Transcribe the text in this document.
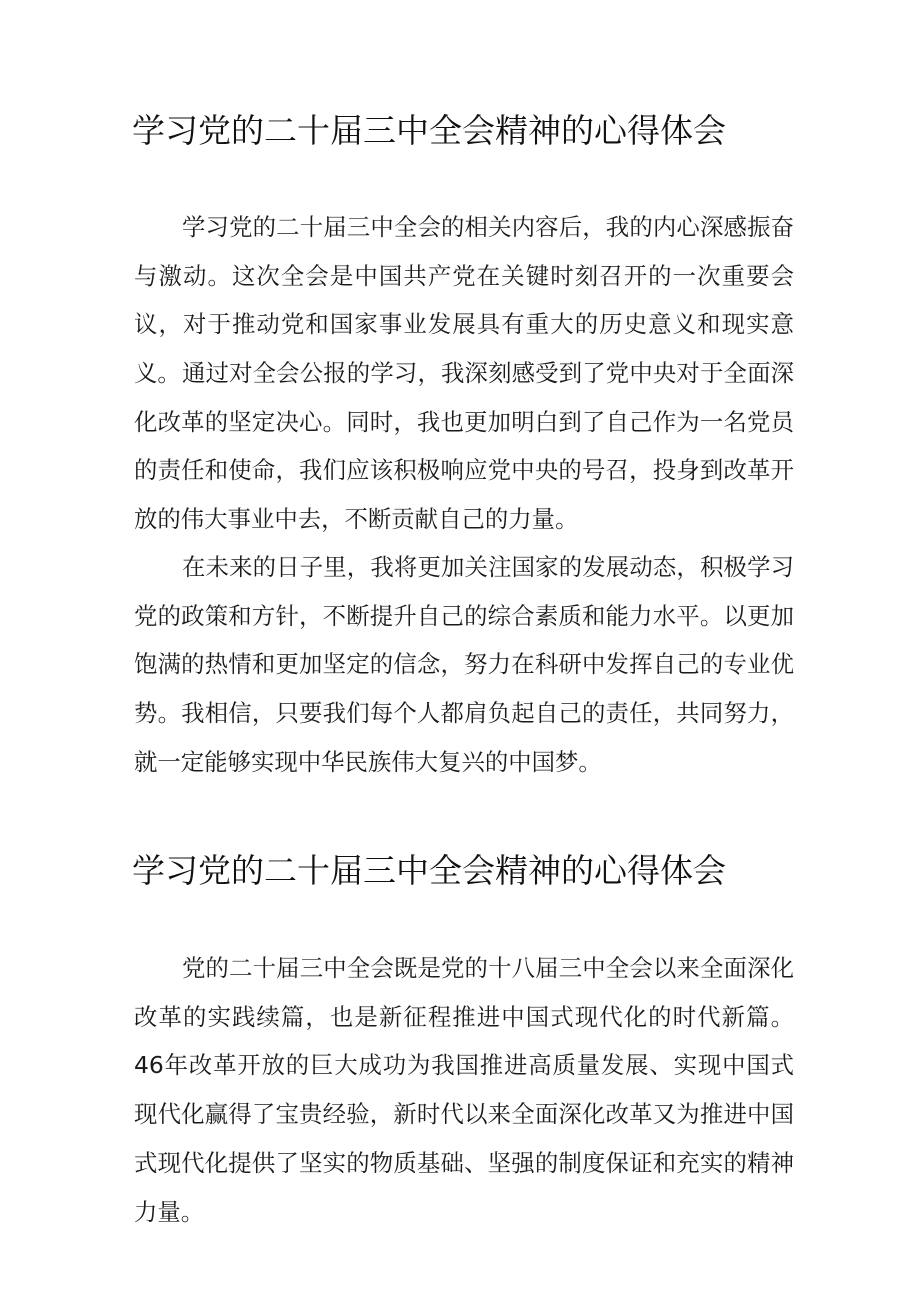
学习党的二十届三中全会精神的心得体会

学习党的二十届三中全会的相关内容后，我的内心深感振奋与激动。这次全会是中国共产党在关键时刻召开的一次重要会议，对于推动党和国家事业发展具有重大的历史意义和现实意义。 通过对全会公报的学习，我深刻感受到了党中央对于全面深化改革的坚定决心。同时，我也更加明白到了自己作为一名党员的责任和使命，我们应该积极响应党中央的号召，投身到改革开放的伟大事业中去，不断贡献自己的力量。

在未来的日子里，我将更加关注国家的发展动态，积极学习党的政策和方针，不断提升自己的综合素质和能力水平。以更加饱满的热情和更加坚定的信念，努力在科研中发挥自己的专业优势。我相信，只要我们每个人都肩负起自己的责任，共同努力，就一定能够实现中华民族伟大复兴的中国梦。

学习党的二十届三中全会精神的心得体会

党的二十届三中全会既是党的十八届三中全会以来全面深化改革的实践续篇，也是新征程推进中国式现代化的时代新篇。46年改革开放的巨大成功为我国推进高质量发展、实现中国式现代化赢得了宝贵经验，新时代以来全面深化改革又为推进中国式现代化提供了坚实的物质基础、坚强的制度保证和充实的精神力量。
